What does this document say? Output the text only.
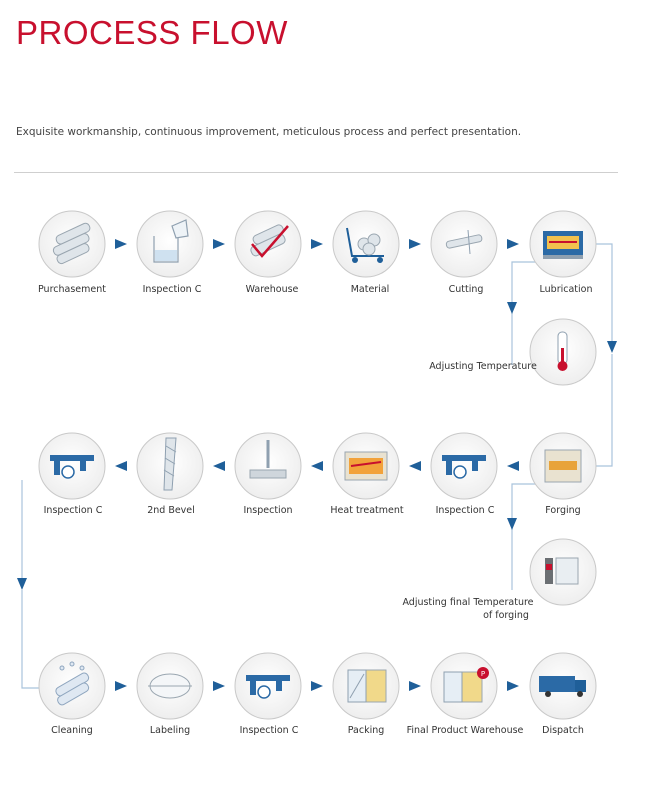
PROCESS FLOW
Exquisite workmanship, continuous improvement, meticulous process and perfect presentation.
Purchasement	Inspection C	Warehouse	Material	Cutting	Lubrication
Adjusting Temperature
Forging
Inspection C
Heat treatment
Inspection
2nd Bevel
Inspection C
Adjusting final Temperature
of forging
Cleaning	Labeling	Inspection C	Packing
P
Final Product Warehouse Dispatch
